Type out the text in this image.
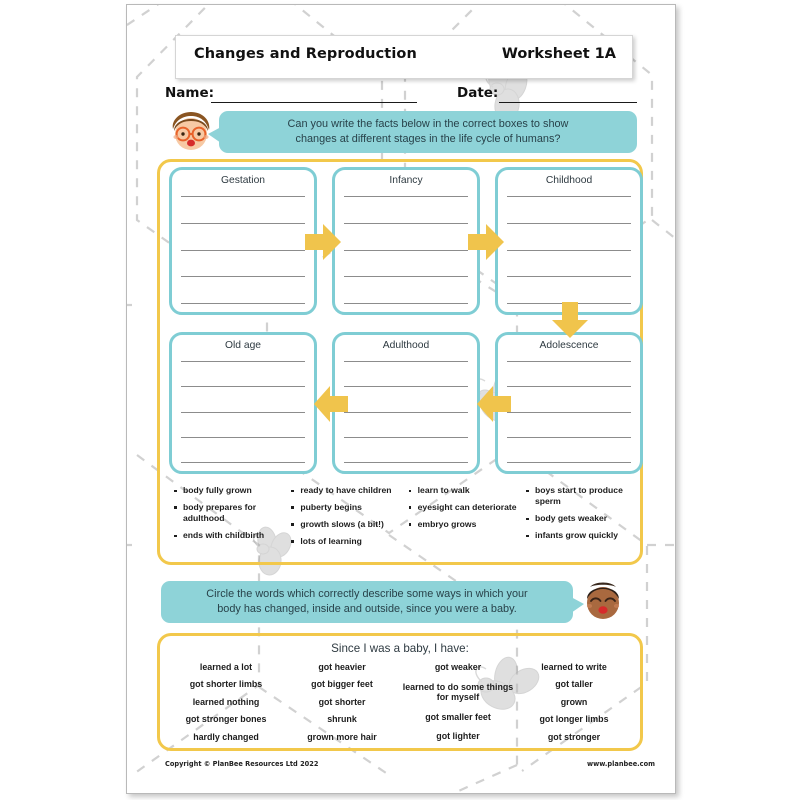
Changes and Reproduction	Worksheet 1A
Name:	Date:
Can you write the facts below in the correct boxes to show
changes at different stages in the life cycle of humans?
Gestation	Infancy	Childhood
Old age	Adulthood	Adolescence
body fully grown
body prepares for adulthood
ends with childbirth
ready to have children
puberty begins
growth slows (a bit!)
lots of learning
learn to walk
eyesight can deteriorate
embryo grows
boys start to produce sperm
body gets weaker
infants grow quickly
Circle the words which correctly describe some ways in which your
body has changed, inside and outside, since you were a baby.
Since I was a baby, I have:
learned a lot
got shorter limbs
learned nothing
got stronger bones
hardly changed
got heavier
got bigger feet
got shorter
shrunk
grown more hair
got weaker
learned to do some things for myself
got smaller feet
got lighter
learned to write
got taller
grown
got longer limbs
got stronger
Copyright © PlanBee Resources Ltd 2022	www.planbee.com
